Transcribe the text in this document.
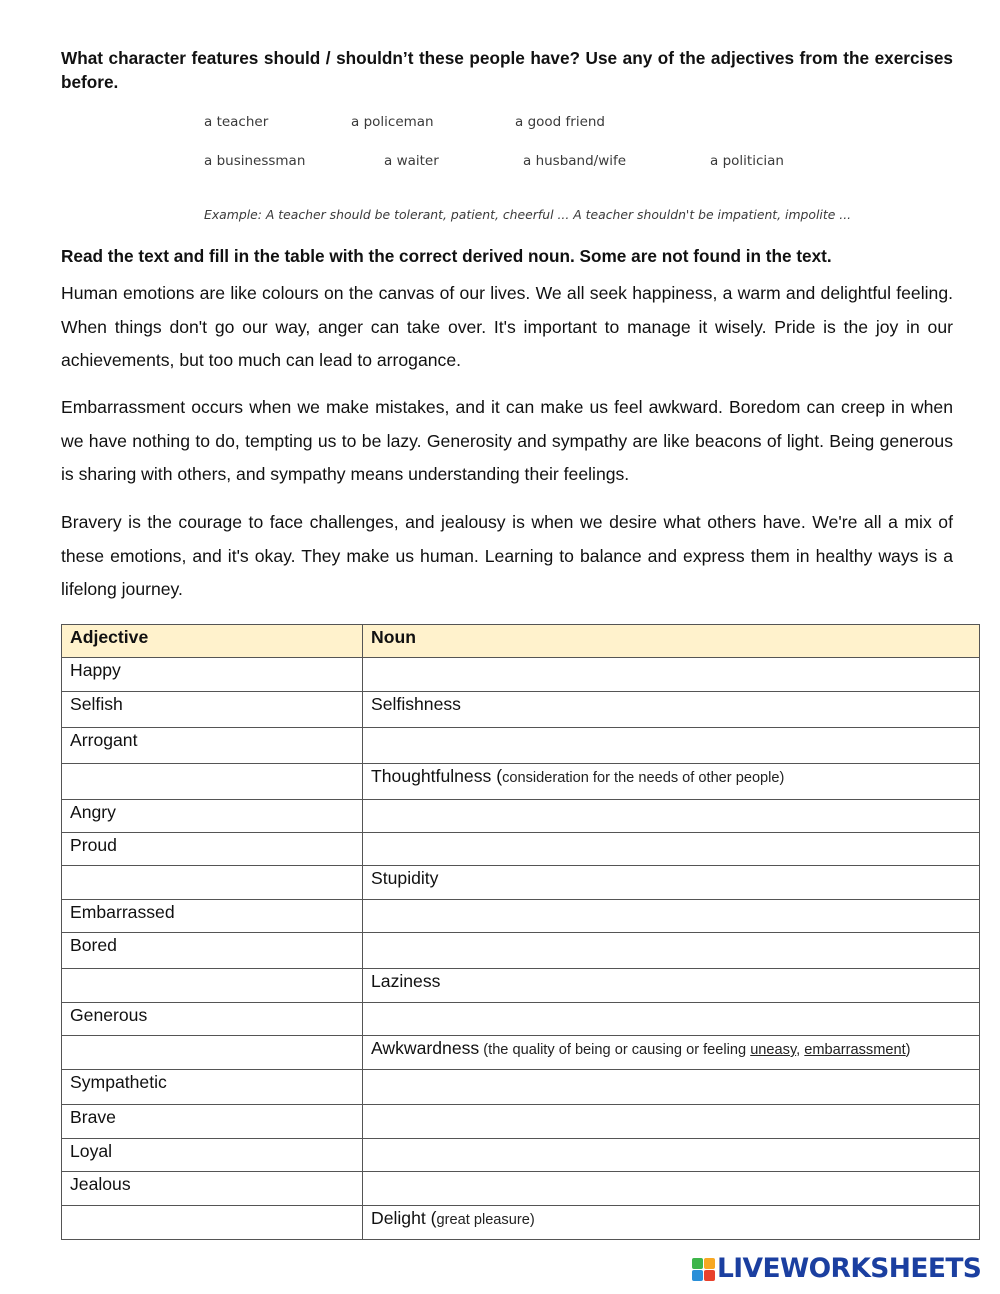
What character features should / shouldn’t these people have? Use any of the adjectives from the exercises before.
a teacher	a policeman	a good friend
a businessman	a waiter	a husband/wife	a politician
Example: A teacher should be tolerant, patient, cheerful ... A teacher shouldn't be impatient, impolite ...
Read the text and fill in the table with the correct derived noun. Some are not found in the text.

Human emotions are like colours on the canvas of our lives. We all seek happiness, a warm and delightful feeling. When things don't go our way, anger can take over. It's important to manage it wisely. Pride is the joy in our achievements, but too much can lead to arrogance.

Embarrassment occurs when we make mistakes, and it can make us feel awkward. Boredom can creep in when we have nothing to do, tempting us to be lazy. Generosity and sympathy are like beacons of light. Being generous is sharing with others, and sympathy means understanding their feelings.

Bravery is the courage to face challenges, and jealousy is when we desire what others have. We're all a mix of these emotions, and it's okay. They make us human. Learning to balance and express them in healthy ways is a lifelong journey.

Adjective	Noun
Happy	
Selfish	Selfishness
Arrogant	
	Thoughtfulness (consideration for the needs of other people)
Angry	
Proud	
	Stupidity
Embarrassed	
Bored	
	Laziness
Generous	
	Awkwardness (the quality of being or causing or feeling uneasy, embarrassment)
Sympathetic	
Brave	
Loyal	
Jealous	
	Delight (great pleasure)
LIVEWORKSHEETS
